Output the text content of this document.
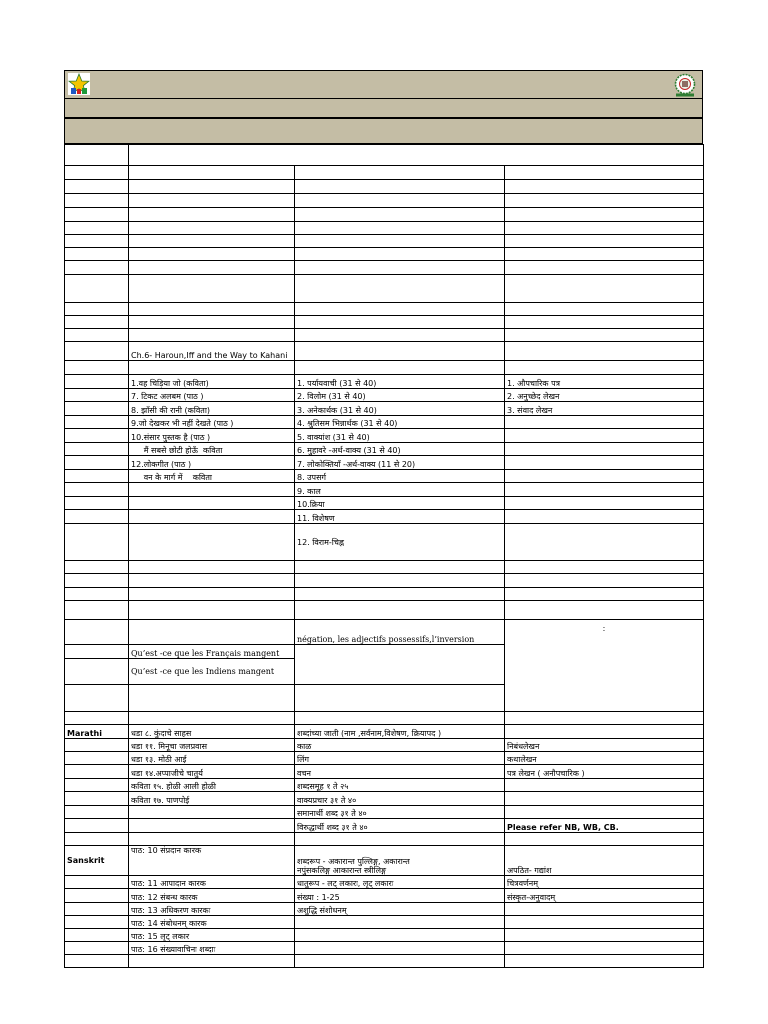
	Ch.6- Haroun,Iff and the Way to Kahani		

	1.वह चिड़िया जो (कविता)	1. पर्यायवाची (31 से 40)	1. औपचारिक पत्र
	7. टिकट अलबम (पाठ )	2. विलोम (31 से 40)	2. अनुच्छेद लेखन
	8. झाँसी की रानी (कविता)	3. अनेकार्थक (31 से 40)	3. संवाद लेखन
	9.जो देखकर भी नहीं देखते (पाठ )	4. श्रुतिसम भिन्नार्थक (31 से 40)	
	10.संसार पुस्तक है (पाठ )	5. वाक्यांश (31 से 40)	
	मैं सबसे छोटी होऊँ  कविता	6. मुहावरे -अर्थ-वाक्य (31 से 40)	
	12.लोकगीत (पाठ )	7. लोकोक्तियाँ -अर्थ-वाक्य (11 से 20)	
	वन के मार्ग में    कविता	8. उपसर्ग	
		9. काल	
		10.क्रिया	
		11. विशेषण	
		12. विराम-चिह्न	

		négation, les adjectifs possessifs,l’inversion	:
	Qu’est -ce que les Français mangent		
	Qu’est -ce que les Indiens mangent		

Marathi	धडा ८. कुंदाचे साहस	शब्दांच्या जाती (नाम ,सर्वनाम,विशेषण, क्रियापद )	
	धडा ११. मिनूचा जलप्रवास	काळ	निबंधलेखन
	धडा १३. मोठी आई	लिंग	कथालेखन
	धडा १४.अप्पाजीचे चातुर्य	वचन	पत्र लेखन ( अनौपचारिक )
	कविता १५. होळी आली होळी	शब्दसमूह १ ते २५	
	कविता १७. पाणपोई	वाक्यप्रचार ३१ ते ४०	
		समानार्थी शब्द ३१ ते ४०	
		विरुद्धार्थी शब्द ३१ ते ४०	Please refer NB, WB, CB.

Sanskrit	पाठ: 10 संप्रदान कारक	शब्दरूप - अकारान्त पुल्लिङ्ग, अकारान्त
नपुंसकलिङ्ग आकारान्त स्त्रीलिङ्ग	अपठित- गद्यांश
	पाठ: 11 आपादान कारक	धातुरूप - लट् लकारः, लृट् लकारः	चित्रवर्णनम्
	पाठ: 12 संबन्ध कारक	संख्या : 1-25	संस्कृत-अनुवादम्
	पाठ: 13 अधिकरण कारकः	अशुद्धि संशोधनम्	
	पाठ: 14 संबोधनम् कारक		
	पाठ: 15 लृट् लकार		
	पाठ: 16 संख्यावाचिनः शब्दाः		
